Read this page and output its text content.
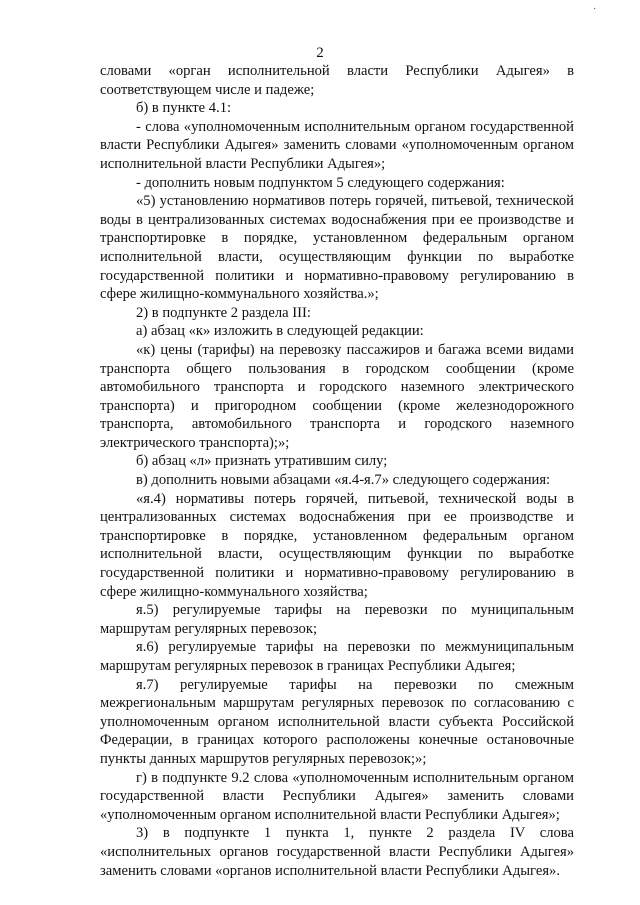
·
2

словами «орган исполнительной власти Республики Адыгея» в соответствующем числе и падеже;

б) в пункте 4.1:

- слова «уполномоченным исполнительным органом государственной власти Республики Адыгея» заменить словами «уполномоченным органом исполнительной власти Республики Адыгея»;

- дополнить новым подпунктом 5 следующего содержания:

«5) установлению нормативов потерь горячей, питьевой, технической воды в централизованных системах водоснабжения при ее производстве и транспортировке в порядке, установленном федеральным органом исполнительной власти, осуществляющим функции по выработке государственной политики и нормативно-правовому регулированию в сфере жилищно-коммунального хозяйства.»;

2) в подпункте 2 раздела III:

а) абзац «к» изложить в следующей редакции:

«к) цены (тарифы) на перевозку пассажиров и багажа всеми видами транспорта общего пользования в городском сообщении (кроме автомобильного транспорта и городского наземного электрического транспорта) и пригородном сообщении (кроме железнодорожного транспорта, автомобильного транспорта и городского наземного электрического транспорта);»;

б) абзац «л» признать утратившим силу;

в) дополнить новыми абзацами «я.4-я.7» следующего содержания:

«я.4) нормативы потерь горячей, питьевой, технической воды в централизованных системах водоснабжения при ее производстве и транспортировке в порядке, установленном федеральным органом исполнительной власти, осуществляющим функции по выработке государственной политики и нормативно-правовому регулированию в сфере жилищно-коммунального хозяйства;

я.5) регулируемые тарифы на перевозки по муниципальным маршрутам регулярных перевозок;

я.6) регулируемые тарифы на перевозки по межмуниципальным маршрутам регулярных перевозок в границах Республики Адыгея;

я.7) регулируемые тарифы на перевозки по смежным межрегиональным маршрутам регулярных перевозок по согласованию с уполномоченным органом исполнительной власти субъекта Российской Федерации, в границах которого расположены конечные остановочные пункты данных маршрутов регулярных перевозок;»;

г) в подпункте 9.2 слова «уполномоченным исполнительным органом государственной власти Республики Адыгея» заменить словами «уполномоченным органом исполнительной власти Республики Адыгея»;

3) в подпункте 1 пункта 1, пункте 2 раздела IV слова «исполнительных органов государственной власти Республики Адыгея» заменить словами «органов исполнительной власти Республики Адыгея».
